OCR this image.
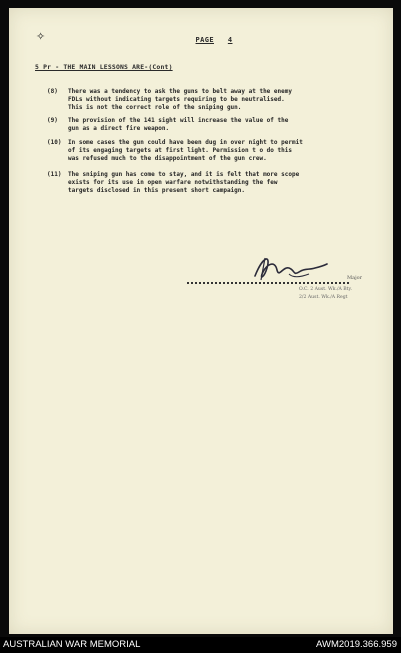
✧	PAGE 4
5 Pr - THE MAIN LESSONS ARE-(Cont)
(8)	There was a tendency to ask the guns to belt away at the enemy
FDLs without indicating targets requiring to be neutralised.
This is not the correct role of the sniping gun.
(9)	The provision of the 141 sight will increase the value of the
gun as a direct fire weapon.
(10)	In some cases the gun could have been dug in over night to permit
of its engaging targets at first light. Permission t o do this
was refused much to the disappointment of the gun crew.
(11)	The sniping gun has come to stay, and it is felt that more scope
exists for its use in open warfare notwithstanding the few
targets disclosed in this present short campaign.
Major
O.C. 2 Aust. Wk./A Bty.
2/2 Aust. Wk./A Regt
AUSTRALIAN WAR MEMORIAL	AWM2019.366.959
